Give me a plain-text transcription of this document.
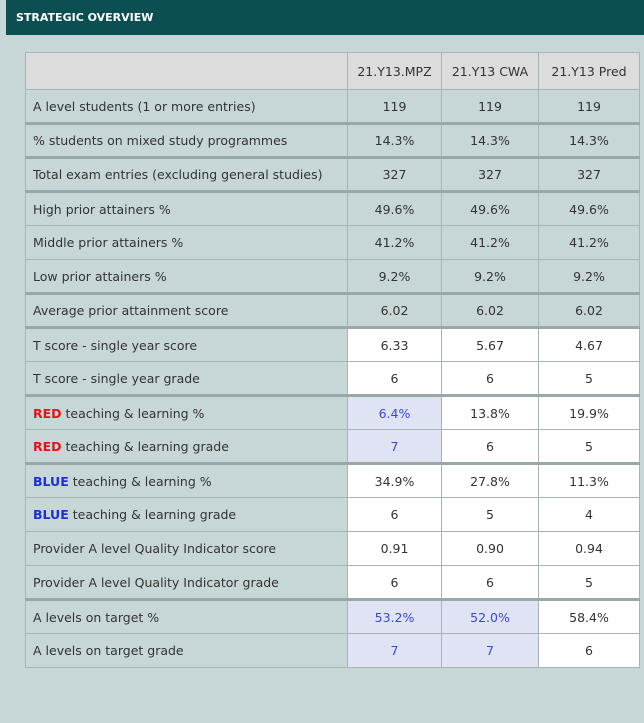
STRATEGIC OVERVIEW
	21.Y13.MPZ	21.Y13 CWA	21.Y13 Pred
A level students (1 or more entries)	119	119	119
% students on mixed study programmes	14.3%	14.3%	14.3%
Total exam entries (excluding general studies)	327	327	327
High prior attainers %	49.6%	49.6%	49.6%
Middle prior attainers %	41.2%	41.2%	41.2%
Low prior attainers %	9.2%	9.2%	9.2%
Average prior attainment score	6.02	6.02	6.02
T score - single year score	6.33	5.67	4.67
T score - single year grade	6	6	5
RED teaching & learning %	6.4%	13.8%	19.9%
RED teaching & learning grade	7	6	5
BLUE teaching & learning %	34.9%	27.8%	11.3%
BLUE teaching & learning grade	6	5	4
Provider A level Quality Indicator score	0.91	0.90	0.94
Provider A level Quality Indicator grade	6	6	5
A levels on target %	53.2%	52.0%	58.4%
A levels on target grade	7	7	6
